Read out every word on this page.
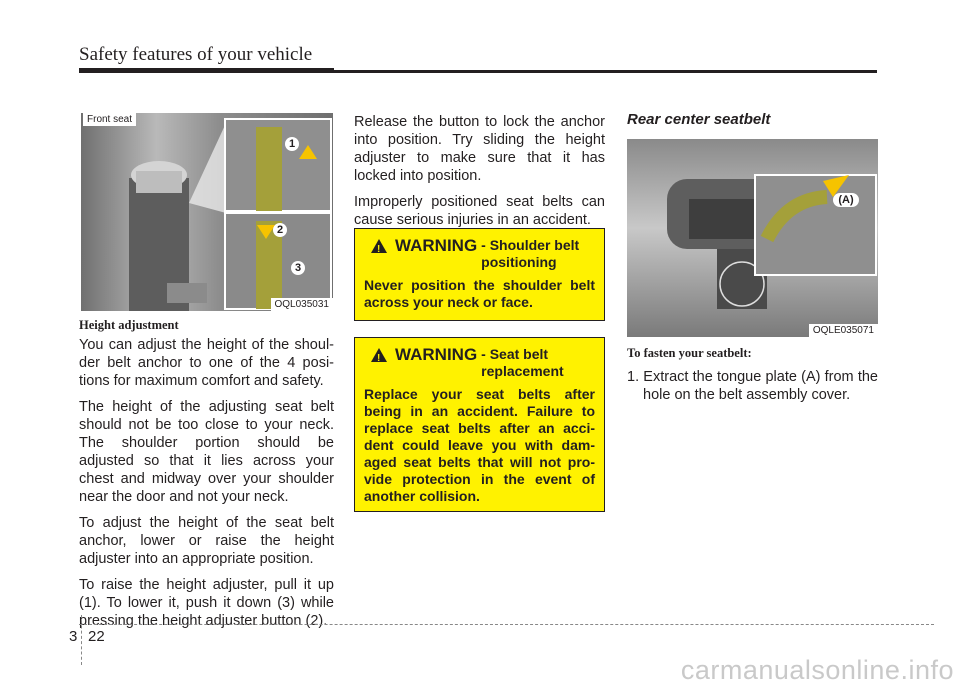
Safety features of your vehicle
Front seat
1
2
3
OQL035031
Height adjustment

You can adjust the height of the shoul-der belt anchor to one of the 4 posi-tions for maximum comfort and safety.

The height of the adjusting seat belt should not be too close to your neck. The shoulder portion should be adjusted so that it lies across your chest and midway over your shoulder near the door and not your neck.

To adjust the height of the seat belt anchor, lower or raise the height adjuster into an appropriate position.

To raise the height adjuster, pull it up (1). To lower it, push it down (3) while pressing the height adjuster button (2).

Release the button to lock the anchor into position. Try sliding the height adjuster to make sure that it has locked into position.

Improperly positioned seat belts can cause serious injuries in an accident.

!
WARNING - Shoulder belt positioning
Never position the shoulder belt across your neck or face.
!
WARNING - Seat belt replacement
Replace your seat belts after being in an accident. Failure to replace seat belts after an acci-dent could leave you with dam-aged seat belts that will not pro-vide protection in the event of another collision.
Rear center seatbelt
(A)
OQLE035071
To fasten your seatbelt:

1. Extract the tongue plate (A) from the hole on the belt assembly cover.

3 22
carmanualsonline.info
